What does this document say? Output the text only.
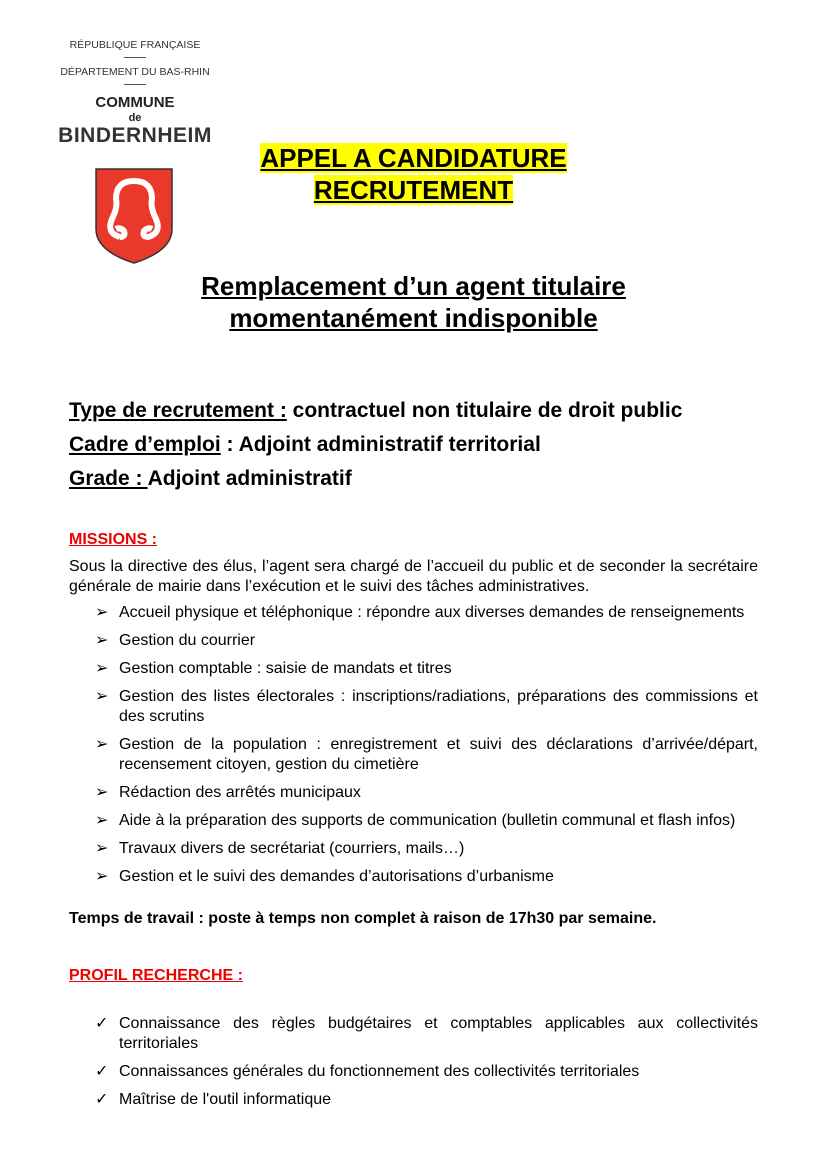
RÉPUBLIQUE FRANÇAISE
DÉPARTEMENT DU BAS-RHIN
COMMUNE
de
BINDERNHEIM
APPEL A CANDIDATURE
RECRUTEMENT
Remplacement d’un agent titulaire
momentanément indisponible
Type de recrutement : contractuel non titulaire de droit public
Cadre d’emploi : Adjoint administratif territorial
Grade : Adjoint administratif
MISSIONS :
Sous la directive des élus, l’agent sera chargé de l’accueil du public et de seconder la secrétaire générale de mairie dans l’exécution et le suivi des tâches administratives.
➢ Accueil physique et téléphonique : répondre aux diverses demandes de renseignements
➢ Gestion du courrier
➢ Gestion comptable : saisie de mandats et titres
➢ Gestion des listes électorales : inscriptions/radiations, préparations des commissions et des scrutins
➢ Gestion de la population : enregistrement et suivi des déclarations d’arrivée/départ, recensement citoyen, gestion du cimetière
➢ Rédaction des arrêtés municipaux
➢ Aide à la préparation des supports de communication (bulletin communal et flash infos)
➢ Travaux divers de secrétariat (courriers, mails…)
➢ Gestion et le suivi des demandes d’autorisations d’urbanisme
Temps de travail : poste à temps non complet à raison de 17h30 par semaine.
PROFIL RECHERCHE :
✓ Connaissance des règles budgétaires et comptables applicables aux collectivités territoriales
✓ Connaissances générales du fonctionnement des collectivités territoriales
✓ Maîtrise de l'outil informatique
